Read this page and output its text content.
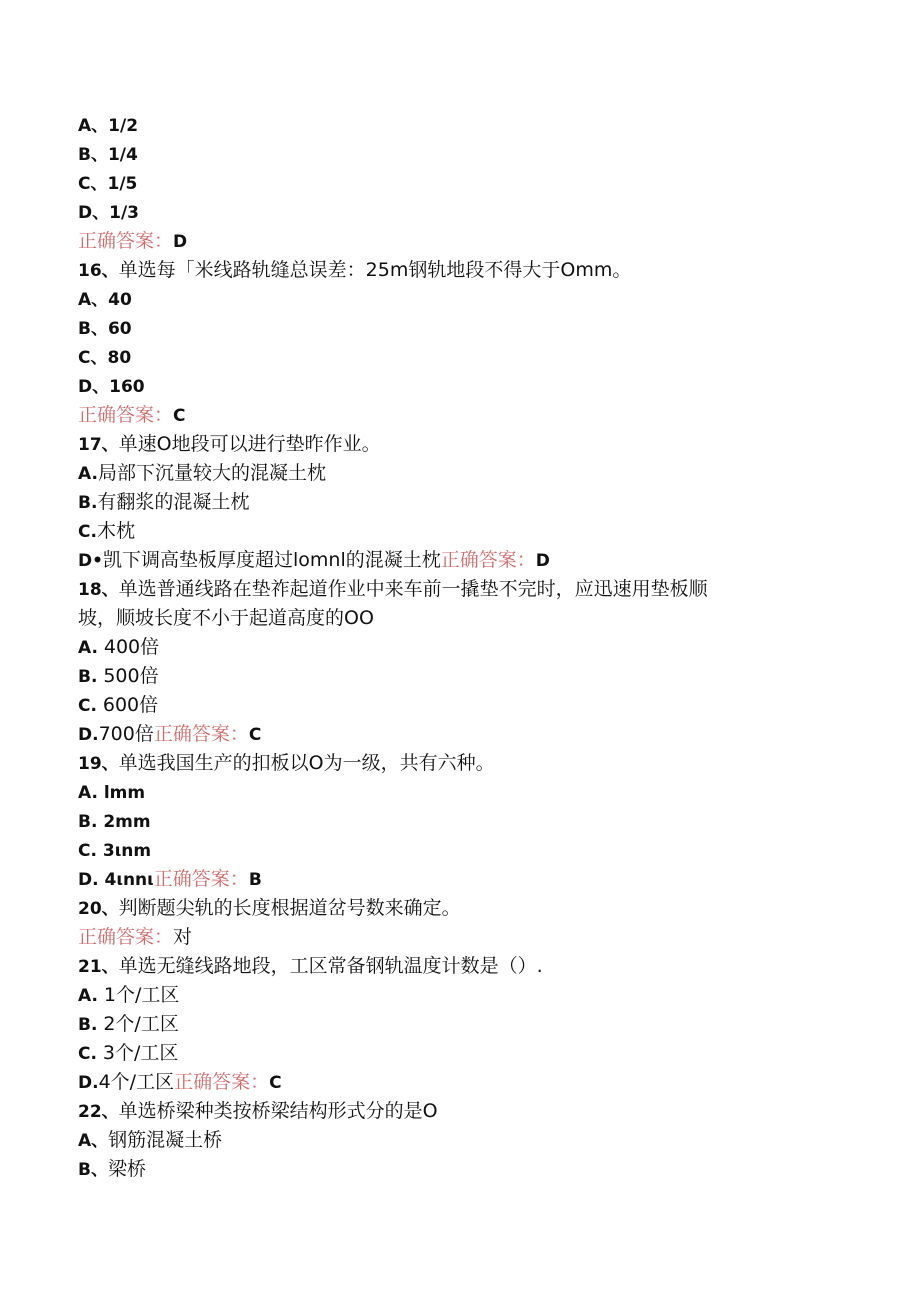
A、1/2
B、1/4
C、1/5
D、1/3
正确答案：D
16、单选每「米线路轨缝总误差：25m钢轨地段不得大于Omm。
A、40
B、60
C、80
D、160
正确答案：C
17、单速O地段可以进行垫昨作业。
A.局部下沉量较大的混凝土枕
B.有翻浆的混凝土枕
C.木枕
D•凯下调高垫板厚度超过lomnl的混凝土枕正确答案：D
18、单选普通线路在垫祚起道作业中来车前一撬垫不完时，应迅速用垫板顺
坡，顺坡长度不小于起道高度的OO
A. 400倍
B. 500倍
C. 600倍
D.700倍正确答案：C
19、单选我国生产的扣板以O为一级，共有六种。
A. lmm
B. 2mm
C. 3ιnm
D. 4ιnnι正确答案：B
20、判断题尖轨的长度根据道岔号数来确定。
正确答案：对
21、单选无缝线路地段，工区常备钢轨温度计数是（）.
A. 1个/工区
B. 2个/工区
C. 3个/工区
D.4个/工区正确答案：C
22、单选桥梁种类按桥梁结构形式分的是O
A、钢筋混凝土桥
B、梁桥
